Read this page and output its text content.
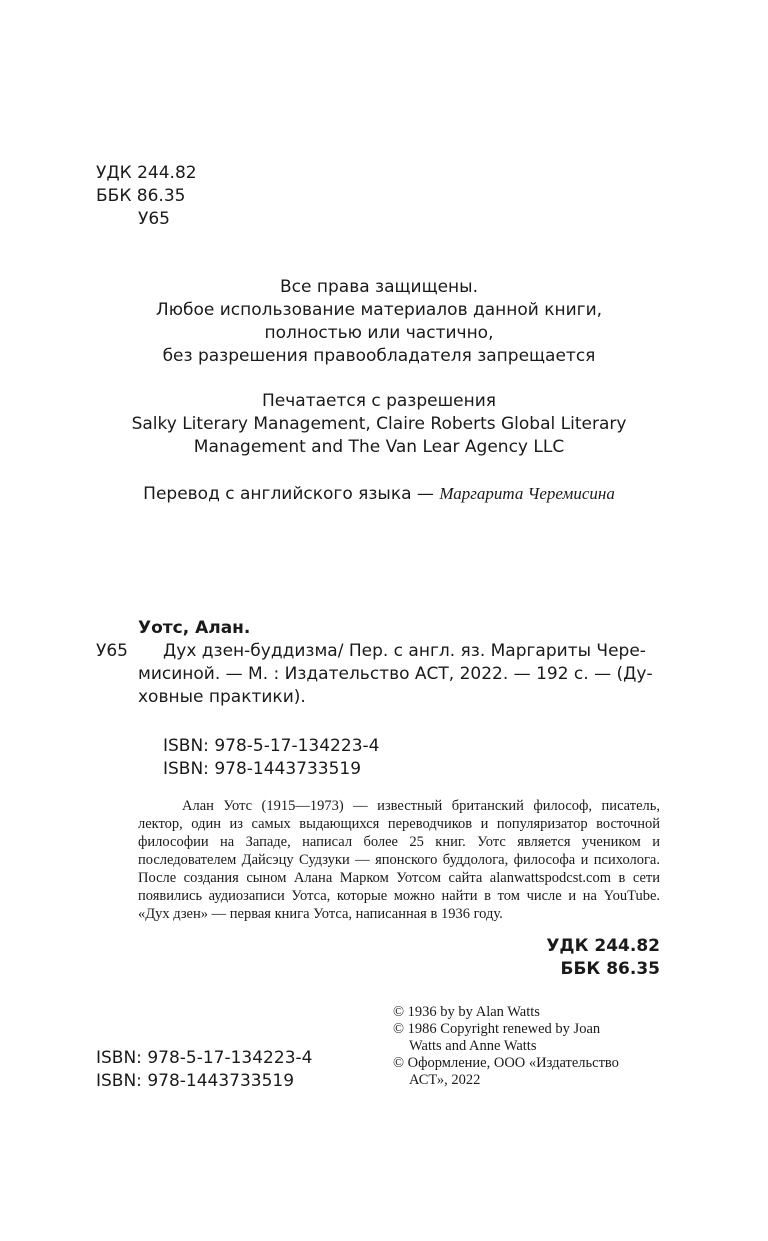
УДК 244.82
ББК 86.35
У65
Все права защищены.
Любое использование материалов данной книги,
полностью или частично,
без разрешения правообладателя запрещается
Печатается с разрешения
Salky Literary Management, Claire Roberts Global Literary
Management and The Van Lear Agency LLC
Перевод с английского языка — Маргарита Черемисина
Уотс, Алан.
У65	Дух дзен-буддизма/ Пер. с англ. яз. Маргариты Чере-
мисиной. — М. : Издательство АСТ, 2022. — 192 с. — (Ду-
ховные практики).
ISBN: 978-5-17-134223-4
ISBN: 978-1443733519

Алан Уотс (1915—1973) — известный британский философ, писатель, лектор, один из самых выдающихся переводчиков и популяризатор восточной философии на Западе, написал более 25 книг. Уотс является учеником и последователем Дайсэцу Судзуки — японского буддолога, философа и психолога. После создания сыном Алана Марком Уотсом сайта alanwattspodcst.com в сети появились аудиозаписи Уотса, которые можно найти в том числе и на YouTube. «Дух дзен» — первая книга Уотса, написанная в 1936 году.

УДК 244.82
ББК 86.35
ISBN: 978-5-17-134223-4
ISBN: 978-1443733519
© 1936 by by Alan Watts
© 1986 Copyright renewed by Joan
Watts and Anne Watts
© Оформление, ООО «Издательство
АСТ», 2022
